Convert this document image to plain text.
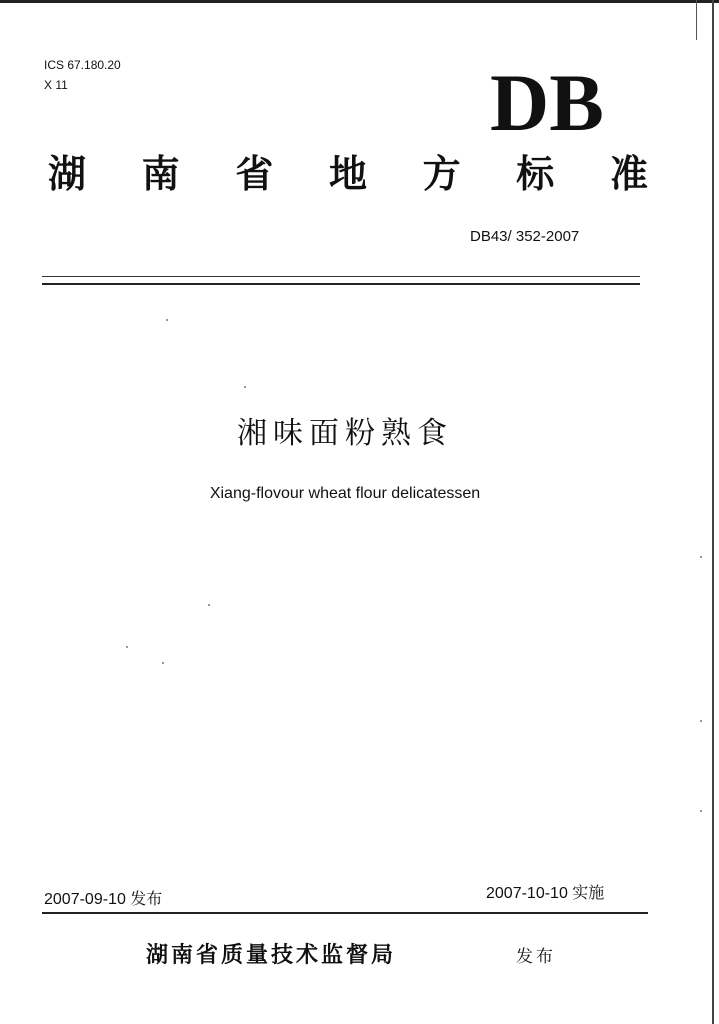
ICS 67.180.20
X 11	DB
湖 南 省 地 方 标 准
DB43/ 352-2007
湘味面粉熟食
Xiang-flovour wheat flour delicatessen
2007-09-10 发布	2007-10-10 实施
湖南省质量技术监督局	发布
